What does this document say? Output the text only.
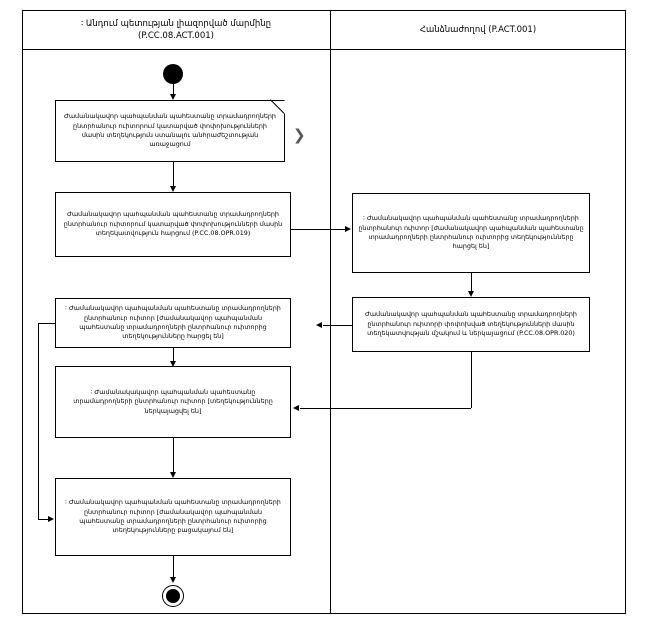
∶ Անդում պետության լիազորված մարմինը
(P.CC.08.ACT.001)
Հանձնաժողով (P.ACT.001)
Ժամանակավոր պահպանման պահեստանը տրամադրողների ընտրհանուր ուիտորում կատարված փոփոխությունների մասին տեղեկություն ստանալու անհրաժեշտության առաջացում
❯
Ժամանակավոր պահպանման պահեստանը տրամադրողների ընտրհանուր ուիտորում կատարված փոփոխությունների մասին տեղեկատվություն հարցում (P.CC.08.OPR.019)
∶ Ժամանակավոր պահպանման պահեստանը տրամադրողների ընտրհանուր ուիտոր [ժամանակավոր պահպանման պահեստանը տրամադրողների ընտրհանուր ուիտորից տեղեկությունները հարցել են]
∶ Ժամանակակավոր պահպանման պահեստանը տրամադրողների ընտրհանուր ուիտոր [տեղեկությունները ներկայացվել են]
∶ Ժամանակավոր պահպանման պահեստանը տրամադրողների ընտրհանուր ուիտոր [ժամանակավոր պահպանման պահեստանը տրամադրողների ընտրհանուր ուիտորից տեղեկությունները բացակայում են]
∶ Ժամանակավոր պահպանման պահեստանը տրամադրողների ընտրհանուր ուիտոր [ժամանակավոր պահպանման պահեստանը տրամադրողների ընտրհանուր ուիտորից տեղեկությունները հարցել են]
Ժամանակավոր պահպանման պահեստանը տրամադրողների ընտրհանուր ուիտորի փոփոխված տեղեկությունների մասին տեղեկատվության մշակում և ներկայացում (P.CC.08.OPR.020)
